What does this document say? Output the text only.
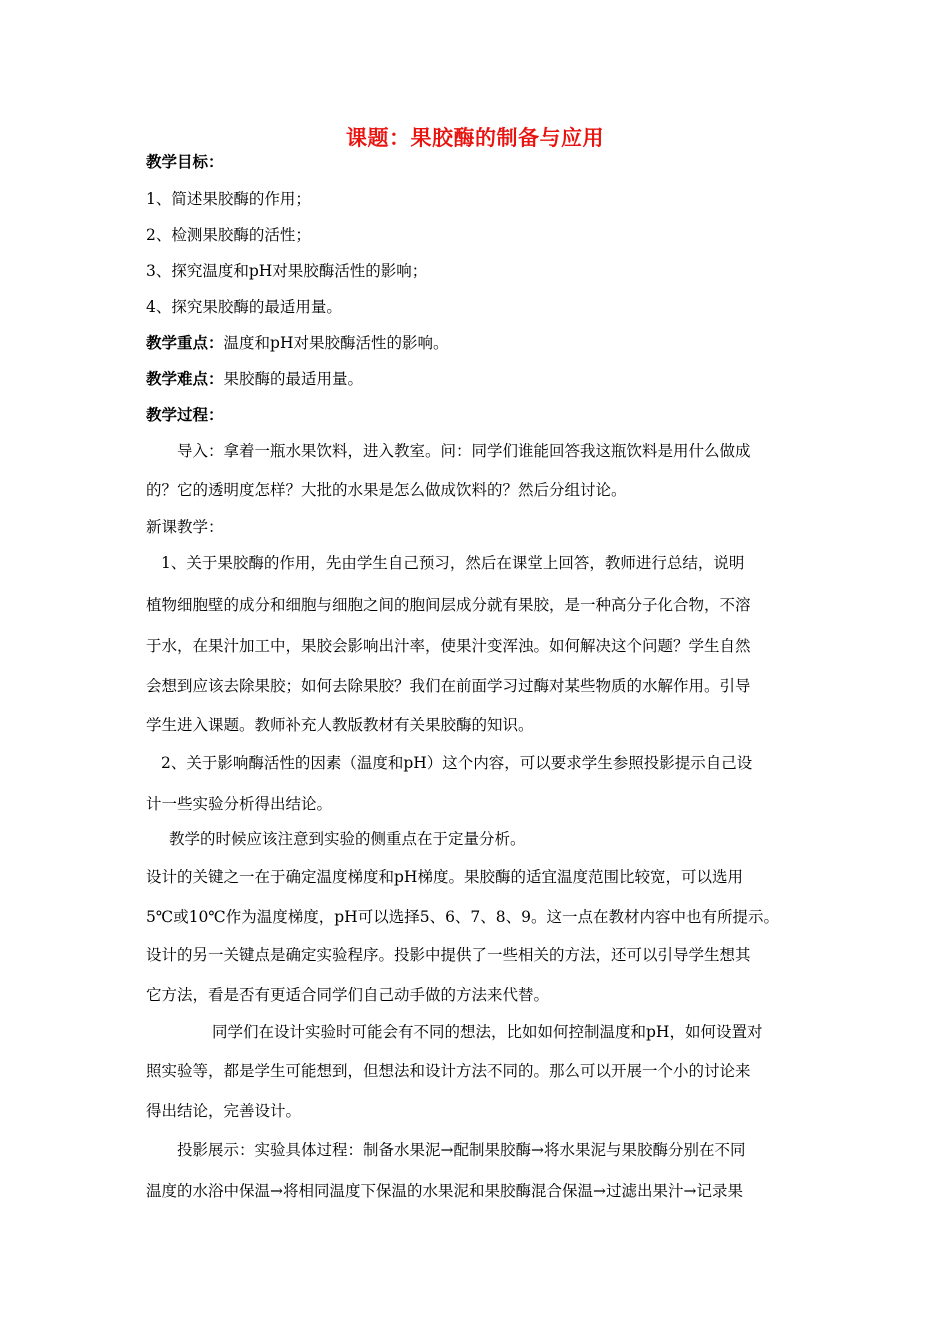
课题：果胶酶的制备与应用
教学目标：
1、简述果胶酶的作用；
2、检测果胶酶的活性；
3、探究温度和pH对果胶酶活性的影响；
4、探究果胶酶的最适用量。
教学重点：温度和pH对果胶酶活性的影响。
教学难点：果胶酶的最适用量。
教学过程：
导入：拿着一瓶水果饮料，进入教室。问：同学们谁能回答我这瓶饮料是用什么做成
的？它的透明度怎样？大批的水果是怎么做成饮料的？然后分组讨论。
新课教学：
1、关于果胶酶的作用，先由学生自己预习，然后在课堂上回答，教师进行总结，说明
植物细胞壁的成分和细胞与细胞之间的胞间层成分就有果胶，是一种高分子化合物，不溶
于水，在果汁加工中，果胶会影响出汁率，使果汁变浑浊。如何解决这个问题？学生自然
会想到应该去除果胶；如何去除果胶？我们在前面学习过酶对某些物质的水解作用。引导
学生进入课题。教师补充人教版教材有关果胶酶的知识。
2、关于影响酶活性的因素（温度和pH）这个内容，可以要求学生参照投影提示自己设
计一些实验分析得出结论。
教学的时候应该注意到实验的侧重点在于定量分析。
设计的关键之一在于确定温度梯度和pH梯度。果胶酶的适宜温度范围比较宽，可以选用
5℃或10℃作为温度梯度，pH可以选择5、6、7、8、9。这一点在教材内容中也有所提示。
设计的另一关键点是确定实验程序。投影中提供了一些相关的方法，还可以引导学生想其
它方法，看是否有更适合同学们自己动手做的方法来代替。
同学们在设计实验时可能会有不同的想法，比如如何控制温度和pH，如何设置对
照实验等，都是学生可能想到，但想法和设计方法不同的。那么可以开展一个小的讨论来
得出结论，完善设计。
投影展示：实验具体过程：制备水果泥→配制果胶酶→将水果泥与果胶酶分别在不同
温度的水浴中保温→将相同温度下保温的水果泥和果胶酶混合保温→过滤出果汁→记录果
